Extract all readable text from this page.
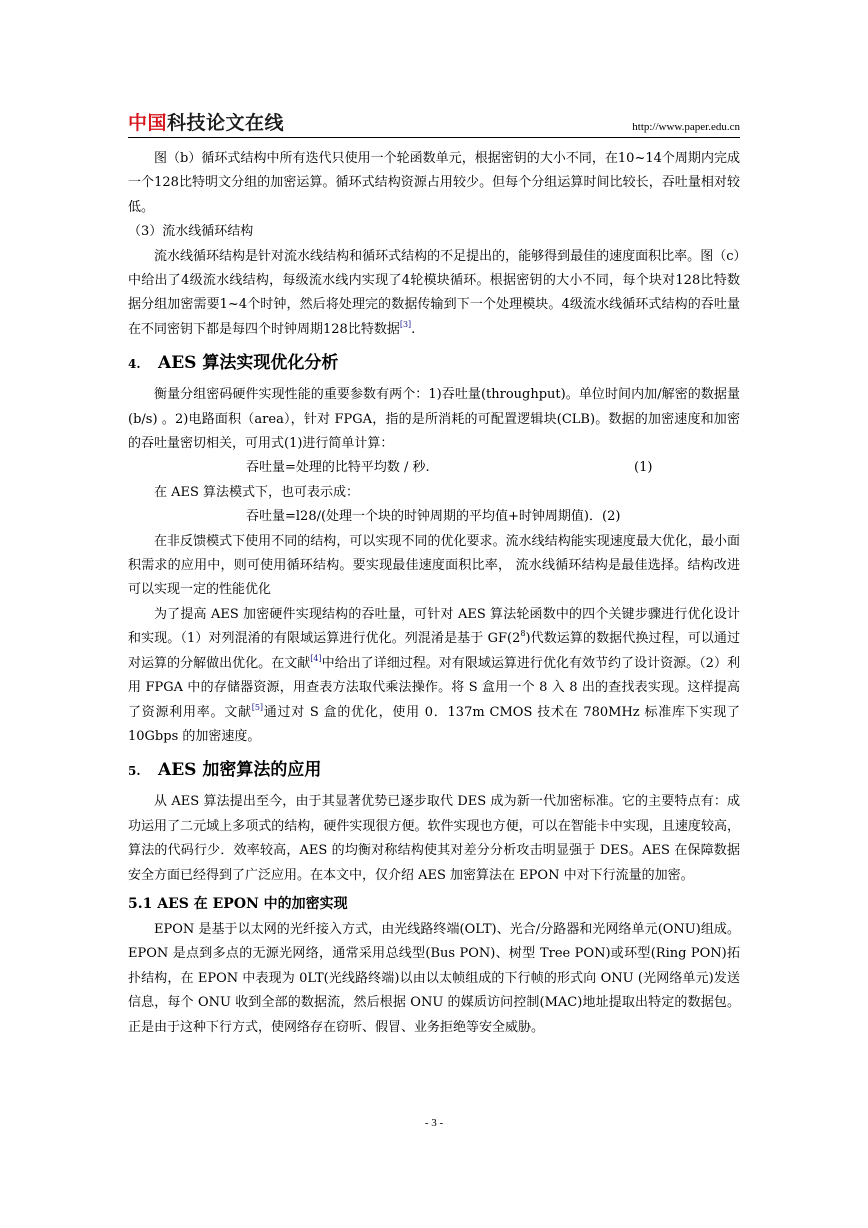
中国科技论文在线	http://www.paper.edu.cn

图（b）循环式结构中所有迭代只使用一个轮函数单元，根据密钥的大小不同，在10~14个周期内完成一个128比特明文分组的加密运算。循环式结构资源占用较少。但每个分组运算时间比较长，吞吐量相对较低。

（3）流水线循环结构

流水线循环结构是针对流水线结构和循环式结构的不足提出的，能够得到最佳的速度面积比率。图（c）中给出了4级流水线结构，每级流水线内实现了4轮模块循环。根据密钥的大小不同，每个块对128比特数据分组加密需要1~4个时钟，然后将处理完的数据传输到下一个处理模块。4级流水线循环式结构的吞吐量在不同密钥下都是每四个时钟周期128比特数据[3].

4. AES 算法实现优化分析

衡量分组密码硬件实现性能的重要参数有两个：1)吞吐量(throughput)。单位时间内加/解密的数据量(b/s) 。2)电路面积（area），针对 FPGA，指的是所消耗的可配置逻辑块(CLB)。数据的加密速度和加密的吞吐量密切相关，可用式(1)进行简单计算：

吞吐量=处理的比特平均数 / 秒.	(1)

在 AES 算法模式下，也可表示成：

吞吐量=l28/(处理一个块的时钟周期的平均值+时钟周期值)．(2)

在非反馈模式下使用不同的结构，可以实现不同的优化要求。流水线结构能实现速度最大优化，最小面积需求的应用中，则可使用循环结构。要实现最佳速度面积比率， 流水线循环结构是最佳选择。结构改进可以实现一定的性能优化

为了提高 AES 加密硬件实现结构的吞吐量，可针对 AES 算法轮函数中的四个关键步骤进行优化设计和实现。（1）对列混淆的有限域运算进行优化。列混淆是基于 $GF(2^8)$代数运算的数据代换过程，可以通过对运算的分解做出优化。在文献[4]中给出了详细过程。对有限域运算进行优化有效节约了设计资源。（2）利用 FPGA 中的存储器资源，用查表方法取代乘法操作。将 S 盒用一个 8 入 8 出的查找表实现。这样提高了资源利用率。文献[5]通过对 S 盒的优化，使用 0．137m CMOS 技术在 780MHz 标准库下实现了 10Gbps 的加密速度。

5. AES 加密算法的应用

从 AES 算法提出至今，由于其显著优势已逐步取代 DES 成为新一代加密标准。它的主要特点有：成功运用了二元域上多项式的结构，硬件实现很方便。软件实现也方便，可以在智能卡中实现，且速度较高，算法的代码行少．效率较高，AES 的均衡对称结构使其对差分分析攻击明显强于 DES。AES 在保障数据安全方面已经得到了广泛应用。在本文中，仅介绍 AES 加密算法在 EPON 中对下行流量的加密。

5.1 AES 在 EPON 中的加密实现

EPON 是基于以太网的光纤接入方式，由光线路终端(OLT)、光合/分路器和光网络单元(ONU)组成。EPON 是点到多点的无源光网络，通常采用总线型(Bus PON)、树型 Tree PON)或环型(Ring PON)拓扑结构，在 EPON 中表现为 0LT(光线路终端)以由以太帧组成的下行帧的形式向 ONU (光网络单元)发送信息，每个 ONU 收到全部的数据流，然后根据 ONU 的媒质访问控制(MAC)地址提取出特定的数据包。正是由于这种下行方式，使网络存在窃听、假冒、业务拒绝等安全威胁。

- 3 -
